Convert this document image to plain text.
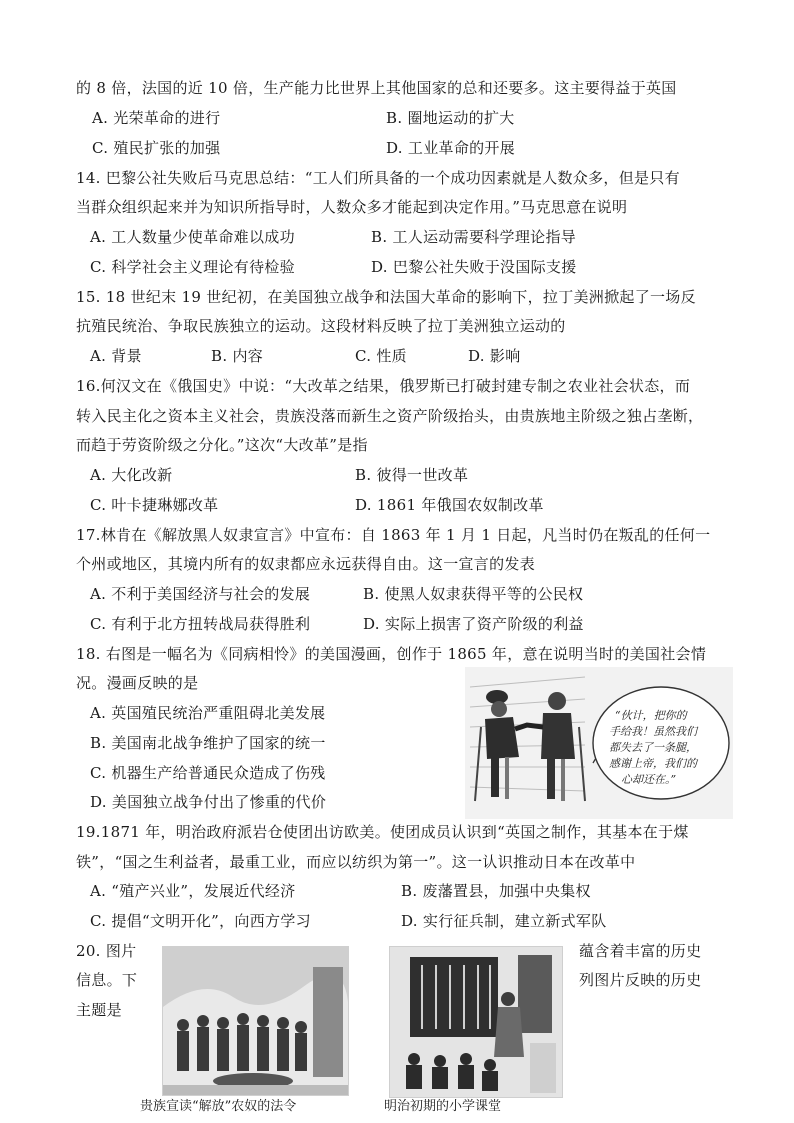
的 8 倍，法国的近 10 倍，生产能力比世界上其他国家的总和还要多。这主要得益于英国
A. 光荣革命的进行	B. 圈地运动的扩大
C. 殖民扩张的加强	D. 工业革命的开展
14. 巴黎公社失败后马克思总结：“工人们所具备的一个成功因素就是人数众多，但是只有
当群众组织起来并为知识所指导时，人数众多才能起到决定作用。”马克思意在说明
A. 工人数量少使革命难以成功	B. 工人运动需要科学理论指导
C. 科学社会主义理论有待检验	D. 巴黎公社失败于没国际支援
15. 18 世纪末 19 世纪初，在美国独立战争和法国大革命的影响下，拉丁美洲掀起了一场反
抗殖民统治、争取民族独立的运动。这段材料反映了拉丁美洲独立运动的
A. 背景	B. 内容	C. 性质	D. 影响
16.何汉文在《俄国史》中说：“大改革之结果，俄罗斯已打破封建专制之农业社会状态，而
转入民主化之资本主义社会，贵族没落而新生之资产阶级抬头，由贵族地主阶级之独占垄断，
而趋于劳资阶级之分化。”这次“大改革”是指
A. 大化改新	B. 彼得一世改革
C. 叶卡捷琳娜改革	D. 1861 年俄国农奴制改革
17.林肯在《解放黑人奴隶宣言》中宣布：自 1863 年 1 月 1 日起，凡当时仍在叛乱的任何一
个州或地区，其境内所有的奴隶都应永远获得自由。这一宣言的发表
A. 不利于美国经济与社会的发展	B. 使黑人奴隶获得平等的公民权
C. 有利于北方扭转战局获得胜利	D. 实际上损害了资产阶级的利益
18. 右图是一幅名为《同病相怜》的美国漫画，创作于 1865 年，意在说明当时的美国社会情
况。漫画反映的是
A. 英国殖民统治严重阻碍北美发展
B. 美国南北战争维护了国家的统一
C. 机器生产给普通民众造成了伤残
D. 美国独立战争付出了惨重的代价
“伙计，把你的
手给我！虽然我们
都失去了一条腿，
感谢上帝，我们的
心却还在。”
19.1871 年，明治政府派岩仓使团出访欧美。使团成员认识到“英国之制作，其基本在于煤
铁”，“国之生利益者，最重工业，而应以纺织为第一”。这一认识推动日本在改革中
A. “殖产兴业”，发展近代经济	B. 废藩置县，加强中央集权
C. 提倡“文明开化”，向西方学习	D. 实行征兵制，建立新式军队
20. 图片
信息。下
主题是
蕴含着丰富的历史
列图片反映的历史
贵族宣读“解放”农奴的法令	明治初期的小学课堂
